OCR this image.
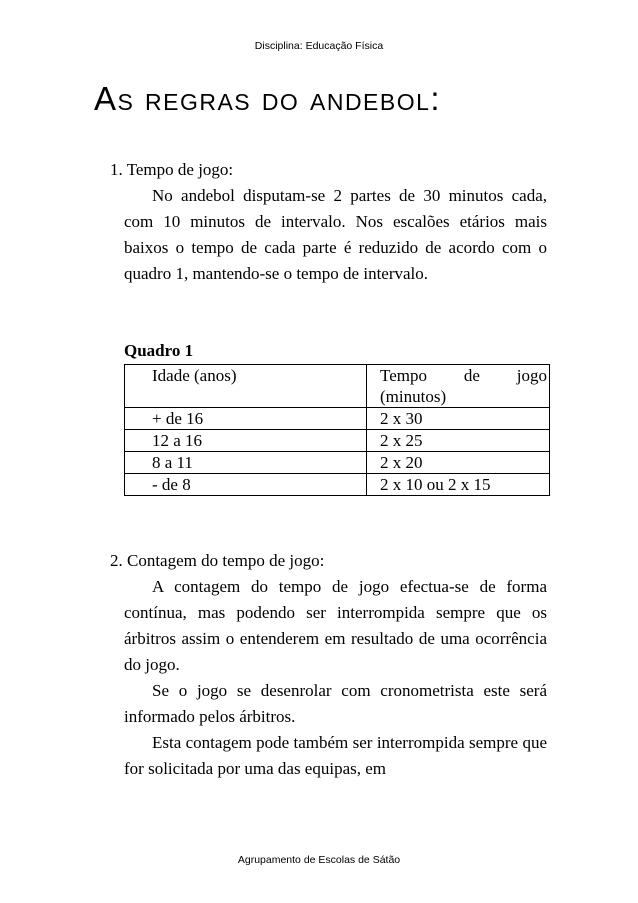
Disciplina: Educação Física
As regras do andebol:
1. Tempo de jogo:
No andebol disputam-se 2 partes de 30 minutos cada, com 10 minutos de intervalo. Nos escalões etários mais baixos o tempo de cada parte é reduzido de acordo com o quadro 1, mantendo-se o tempo de intervalo.
Quadro 1
Idade (anos)	Tempo de jogo
(minutos)

+ de 16	2 x 30
12 a 16	2 x 25
8 a 11	2 x 20
- de 8	2 x 10 ou 2 x 15
2. Contagem do tempo de jogo:
A contagem do tempo de jogo efectua-se de forma contínua, mas podendo ser interrompida sempre que os árbitros assim o entenderem em resultado de uma ocorrência do jogo.
Se o jogo se desenrolar com cronometrista este será informado pelos árbitros.
Esta contagem pode também ser interrompida sempre que for solicitada por uma das equipas, em
Agrupamento de Escolas de Sátão
